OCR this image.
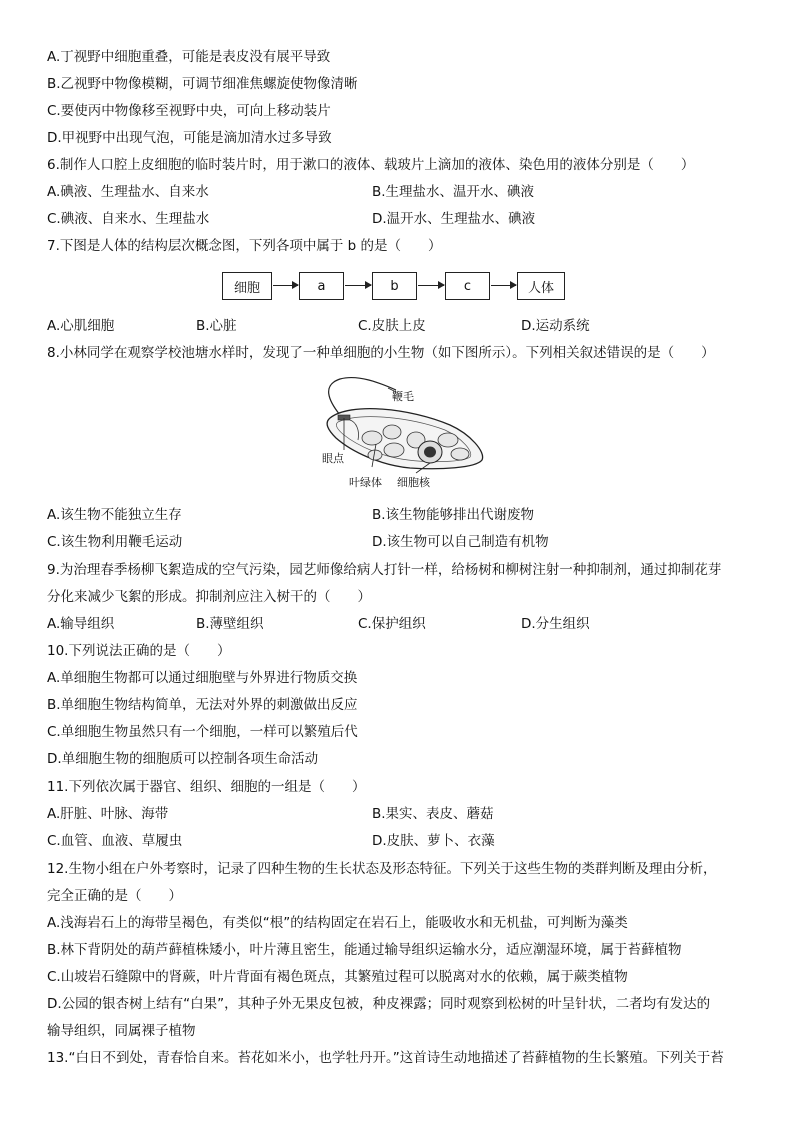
A.丁视野中细胞重叠，可能是表皮没有展平导致
B.乙视野中物像模糊，可调节细准焦螺旋使物像清晰
C.要使丙中物像移至视野中央，可向上移动装片
D.甲视野中出现气泡，可能是滴加清水过多导致
6.制作人口腔上皮细胞的临时装片时，用于漱口的液体、载玻片上滴加的液体、染色用的液体分别是（　　）
A.碘液、生理盐水、自来水	B.生理盐水、温开水、碘液
C.碘液、自来水、生理盐水	D.温开水、生理盐水、碘液
7.下图是人体的结构层次概念图，下列各项中属于 b 的是（　　）
细胞	a	b	c	人体
A.心肌细胞	B.心脏	C.皮肤上皮	D.运动系统
8.小林同学在观察学校池塘水样时，发现了一种单细胞的小生物（如下图所示）。下列相关叙述错误的是（　　）
鞭毛
眼点
叶绿体 细胞核
A.该生物不能独立生存	B.该生物能够排出代谢废物
C.该生物利用鞭毛运动	D.该生物可以自己制造有机物
9.为治理春季杨柳飞絮造成的空气污染，园艺师像给病人打针一样，给杨树和柳树注射一种抑制剂，通过抑制花芽
分化来减少飞絮的形成。抑制剂应注入树干的（　　）
A.输导组织	B.薄壁组织	C.保护组织	D.分生组织
10.下列说法正确的是（　　）
A.单细胞生物都可以通过细胞壁与外界进行物质交换
B.单细胞生物结构简单，无法对外界的刺激做出反应
C.单细胞生物虽然只有一个细胞，一样可以繁殖后代
D.单细胞生物的细胞质可以控制各项生命活动
11.下列依次属于器官、组织、细胞的一组是（　　）
A.肝脏、叶脉、海带	B.果实、表皮、蘑菇
C.血管、血液、草履虫	D.皮肤、萝卜、衣藻
12.生物小组在户外考察时，记录了四种生物的生长状态及形态特征。下列关于这些生物的类群判断及理由分析，
完全正确的是（　　）
A.浅海岩石上的海带呈褐色，有类似“根”的结构固定在岩石上，能吸收水和无机盐，可判断为藻类
B.林下背阴处的葫芦藓植株矮小，叶片薄且密生，能通过输导组织运输水分，适应潮湿环境，属于苔藓植物
C.山坡岩石缝隙中的肾蕨，叶片背面有褐色斑点，其繁殖过程可以脱离对水的依赖，属于蕨类植物
D.公园的银杏树上结有“白果”，其种子外无果皮包被，种皮裸露；同时观察到松树的叶呈针状，二者均有发达的
输导组织，同属裸子植物
13.“白日不到处，青春恰自来。苔花如米小，也学牡丹开。”这首诗生动地描述了苔藓植物的生长繁殖。下列关于苔
